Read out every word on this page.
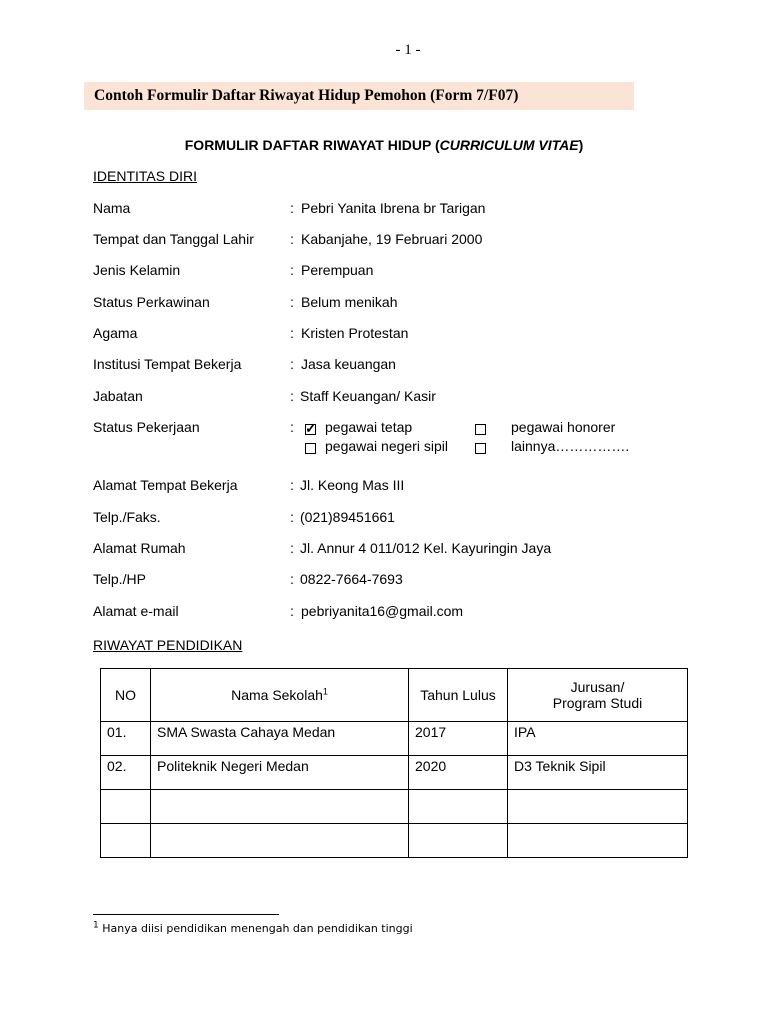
- 1 -
Contoh Formulir Daftar Riwayat Hidup Pemohon (Form 7/F07)
FORMULIR DAFTAR RIWAYAT HIDUP (CURRICULUM VITAE)
IDENTITAS DIRI
Nama	: Pebri Yanita Ibrena br Tarigan
Tempat dan Tanggal Lahir	: Kabanjahe, 19 Februari 2000
Jenis Kelamin	: Perempuan
Status Perkawinan	: Belum menikah
Agama	: Kristen Protestan
Institusi Tempat Bekerja	: Jasa keuangan
Jabatan	: Staff Keuangan/ Kasir
Status Pekerjaan	: ✓ pegawai tetap	pegawai honorer
pegawai negeri sipil	lainnya…………….
Alamat Tempat Bekerja	: Jl. Keong Mas III
Telp./Faks.	: (021)89451661
Alamat Rumah	: Jl. Annur 4 011/012 Kel. Kayuringin Jaya
Telp./HP	: 0822-7664-7693
Alamat e-mail	: pebriyanita16@gmail.com
RIWAYAT PENDIDIKAN
NO	Nama Sekolah$^1$	Tahun Lulus	Jurusan/
Program Studi
01.	SMA Swasta Cahaya Medan	2017	IPA
02.	Politeknik Negeri Medan	2020	D3 Teknik Sipil

$^1$ Hanya diisi pendidikan menengah dan pendidikan tinggi
